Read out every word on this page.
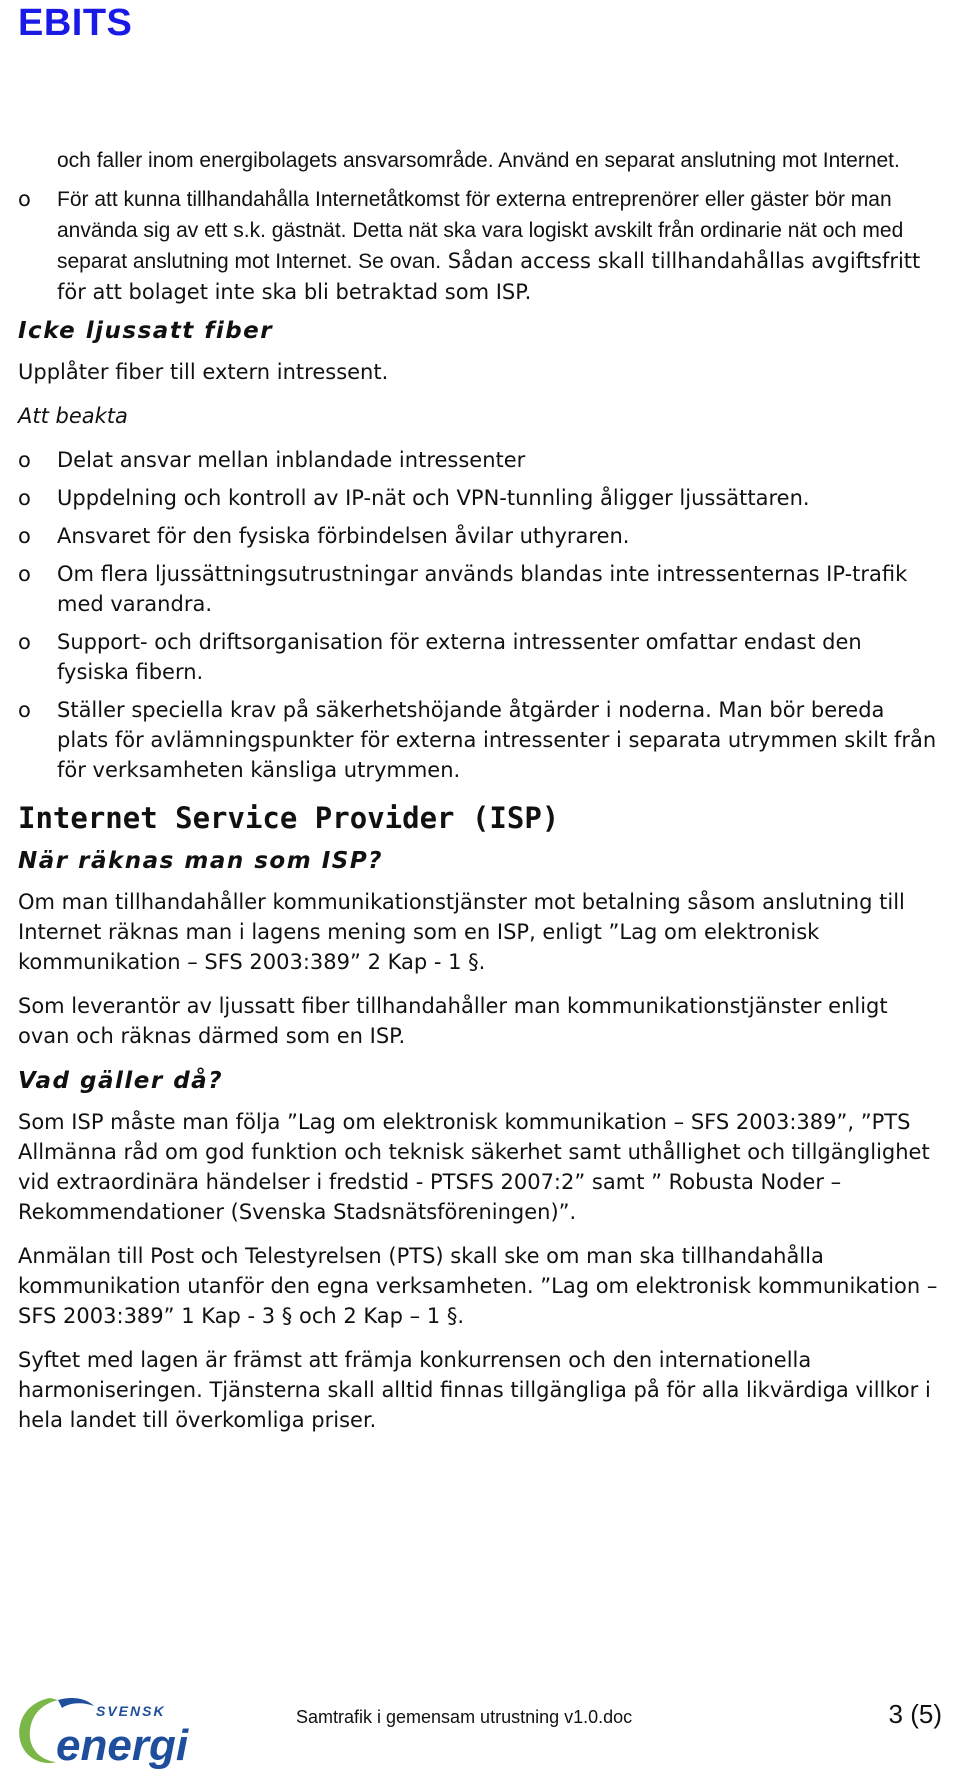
EBITS

och faller inom energibolagets ansvarsområde. Använd en separat anslutning mot Internet.

o För att kunna tillhandahålla Internetåtkomst för externa entreprenörer eller gäster bör man använda sig av ett s.k. gästnät. Detta nät ska vara logiskt avskilt från ordinarie nät och med separat anslutning mot Internet. Se ovan. Sådan access skall tillhandahållas avgiftsfritt för att bolaget inte ska bli betraktad som ISP.
Icke ljussatt fiber

Upplåter fiber till extern intressent.

Att beakta

o Delat ansvar mellan inblandade intressenter
o Uppdelning och kontroll av IP-nät och VPN-tunnling åligger ljussättaren.
o Ansvaret för den fysiska förbindelsen åvilar uthyraren.
o Om flera ljussättningsutrustningar används blandas inte intressenternas IP-trafik med varandra.
o Support- och driftsorganisation för externa intressenter omfattar endast den fysiska fibern.
o Ställer speciella krav på säkerhetshöjande åtgärder i noderna. Man bör bereda plats för avlämningspunkter för externa intressenter i separata utrymmen skilt från för verksamheten känsliga utrymmen.
Internet Service Provider (ISP)
När räknas man som ISP?

Om man tillhandahåller kommunikationstjänster mot betalning såsom anslutning till Internet räknas man i lagens mening som en ISP, enligt ”Lag om elektronisk kommunikation – SFS 2003:389” 2 Kap - 1 §.

Som leverantör av ljussatt fiber tillhandahåller man kommunikationstjänster enligt ovan och räknas därmed som en ISP.

Vad gäller då?

Som ISP måste man följa ”Lag om elektronisk kommunikation – SFS 2003:389”, ”PTS Allmänna råd om god funktion och teknisk säkerhet samt uthållighet och tillgänglighet vid extraordinära händelser i fredstid - PTSFS 2007:2” samt ” Robusta Noder – Rekommendationer (Svenska Stadsnätsföreningen)”.

Anmälan till Post och Telestyrelsen (PTS) skall ske om man ska tillhandahålla kommunikation utanför den egna verksamheten. ”Lag om elektronisk kommunikation – SFS 2003:389” 1 Kap - 3 § och 2 Kap – 1 §.

Syftet med lagen är främst att främja konkurrensen och den internationella harmoniseringen. Tjänsterna skall alltid finnas tillgängliga på för alla likvärdiga villkor i hela landet till överkomliga priser.

SVENSK
energi
Samtrafik i gemensam utrustning v1.0.doc	3 (5)
